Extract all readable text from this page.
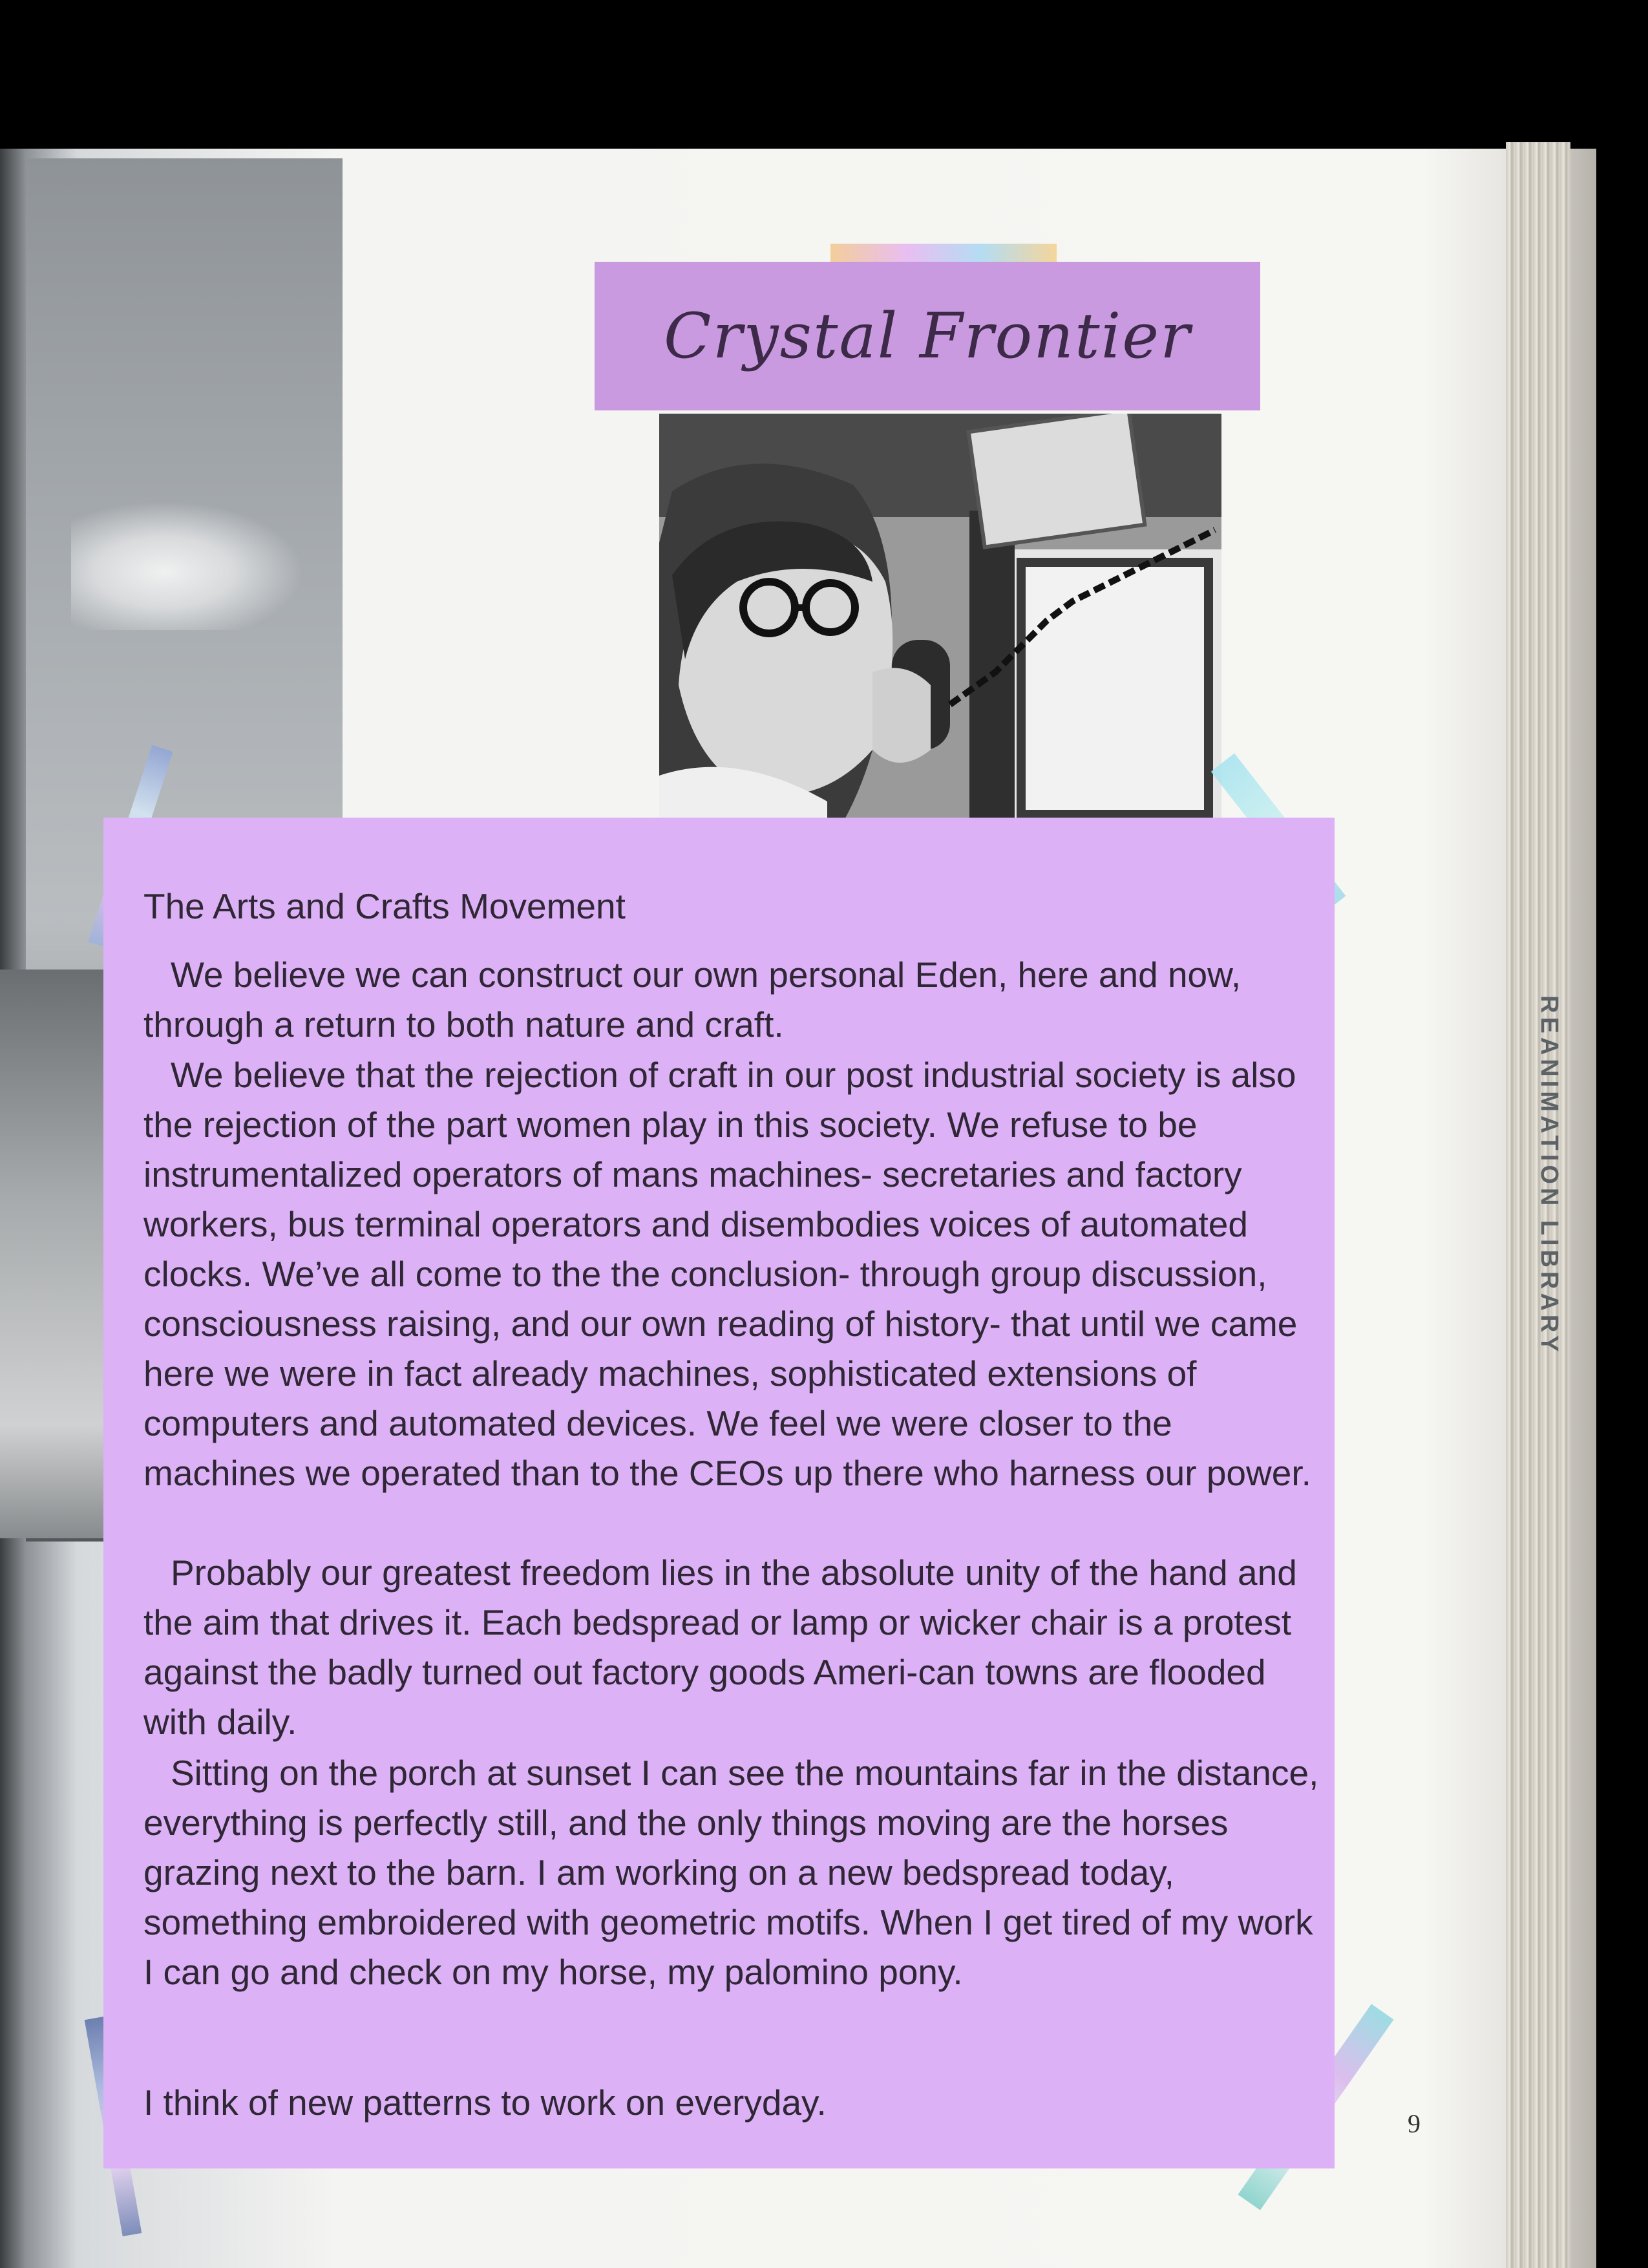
REANIMATION LIBRARY
Crystal Frontier
The Arts and Crafts Movement

We believe we can construct our own personal Eden, here and now, through a return to both nature and craft.

We believe that the rejection of craft in our post industrial society is also the rejection of the part women play in this society. We refuse to be instrumentalized operators of mans machines- secretaries and factory workers, bus terminal operators and disembodies voices of automated clocks. We’ve all come to the the conclusion- through group discussion, consciousness raising, and our own reading of history- that until we came here we were in fact already machines, sophisticated extensions of computers and automated devices. We feel we were closer to the machines we operated than to the CEOs up there who harness our power.

Probably our greatest freedom lies in the absolute unity of the hand and the aim that drives it. Each bedspread or lamp or wicker chair is a protest against the badly turned out factory goods Ameri-can towns are flooded with daily.

Sitting on the porch at sunset I can see the mountains far in the distance, everything is perfectly still, and the only things moving are the horses grazing next to the barn. I am working on a new bedspread today, something embroidered with geometric motifs. When I get tired of my work I can go and check on my horse, my palomino pony.

I think of new patterns to work on everyday.

9
